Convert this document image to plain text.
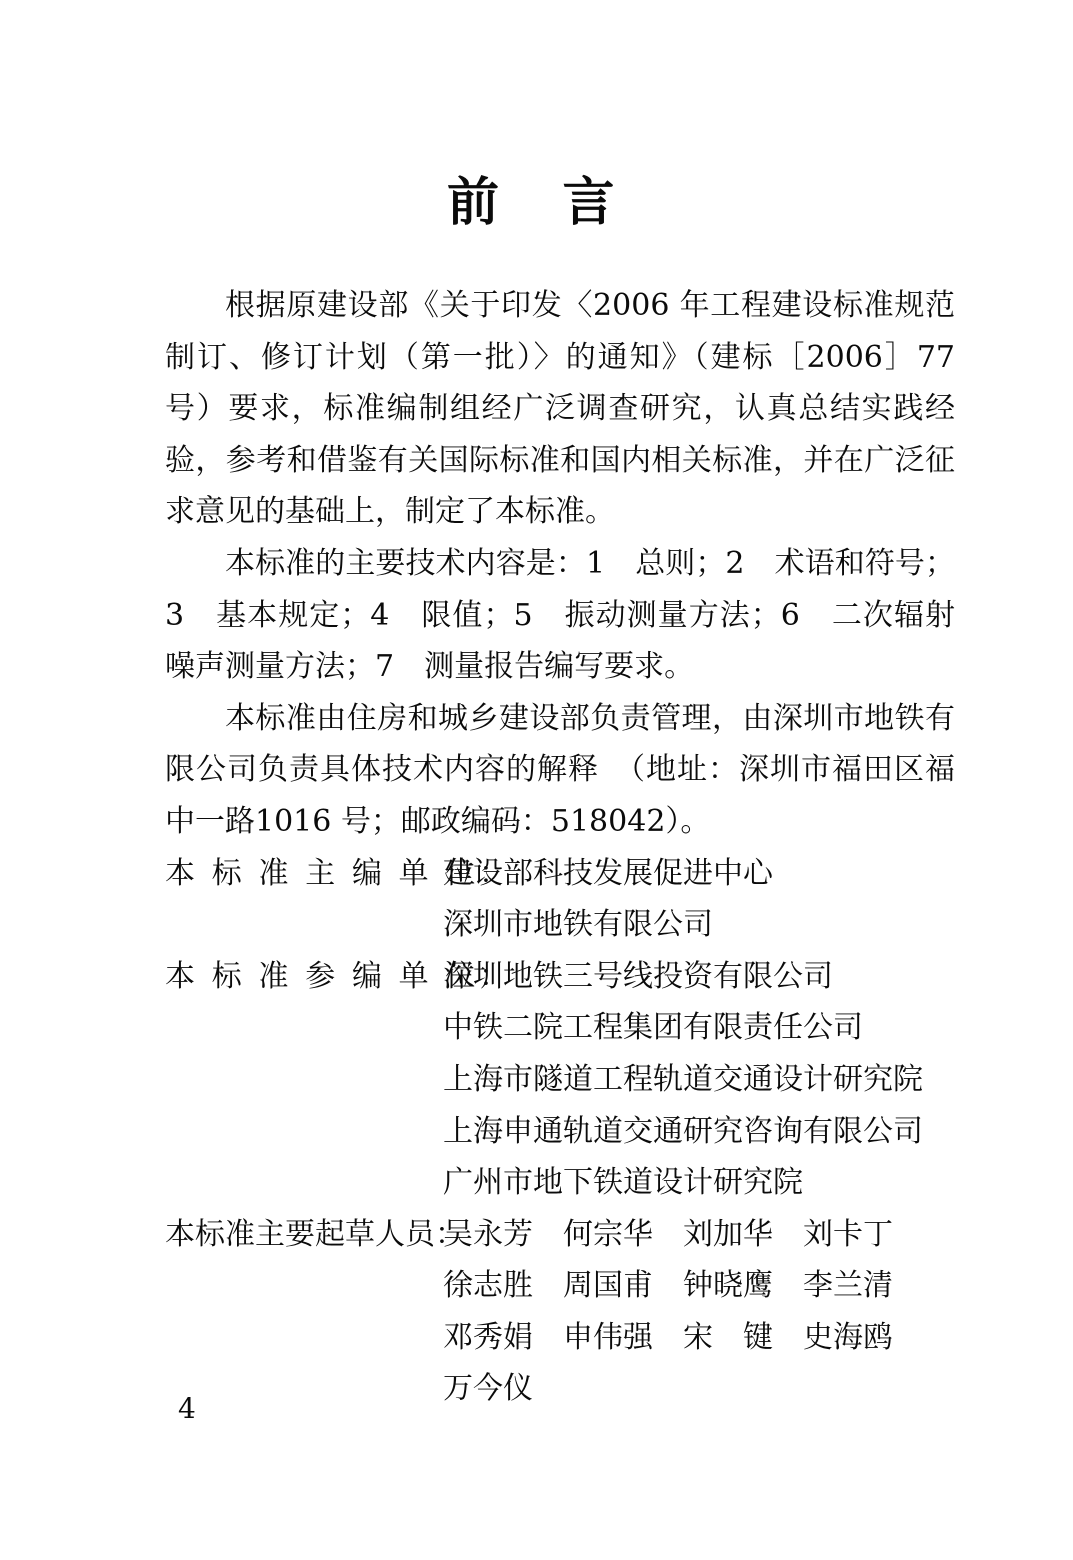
前 言

根据原建设部《关于印发〈2006 年工程建设标准规范制订、修订计划（第一批）〉的通知》（建标［2006］77 号）要求，标准编制组经广泛调查研究，认真总结实践经验，参考和借鉴有关国际标准和国内相关标准，并在广泛征求意见的基础上，制定了本标准。

本标准的主要技术内容是：1　总则；2　术语和符号；3　基本规定；4　限值；5　振动测量方法；6　二次辐射噪声测量方法；7　测量报告编写要求。

本标准由住房和城乡建设部负责管理，由深圳市地铁有限公司负责具体技术内容的解释　（地址：深圳市福田区福中一路1016 号；邮政编码：518042）。

本 标 准 主 编 单 位：
建设部科技发展促进中心
深圳市地铁有限公司
本 标 准 参 编 单 位：
深圳地铁三号线投资有限公司
中铁二院工程集团有限责任公司
上海市隧道工程轨道交通设计研究院
上海申通轨道交通研究咨询有限公司
广州市地下铁道设计研究院
本标准主要起草人员：
吴永芳　何宗华　刘加华　刘卡丁
徐志胜　周国甫　钟晓鹰　李兰清
邓秀娟　申伟强　宋　键　史海鸥
万今仪
4
